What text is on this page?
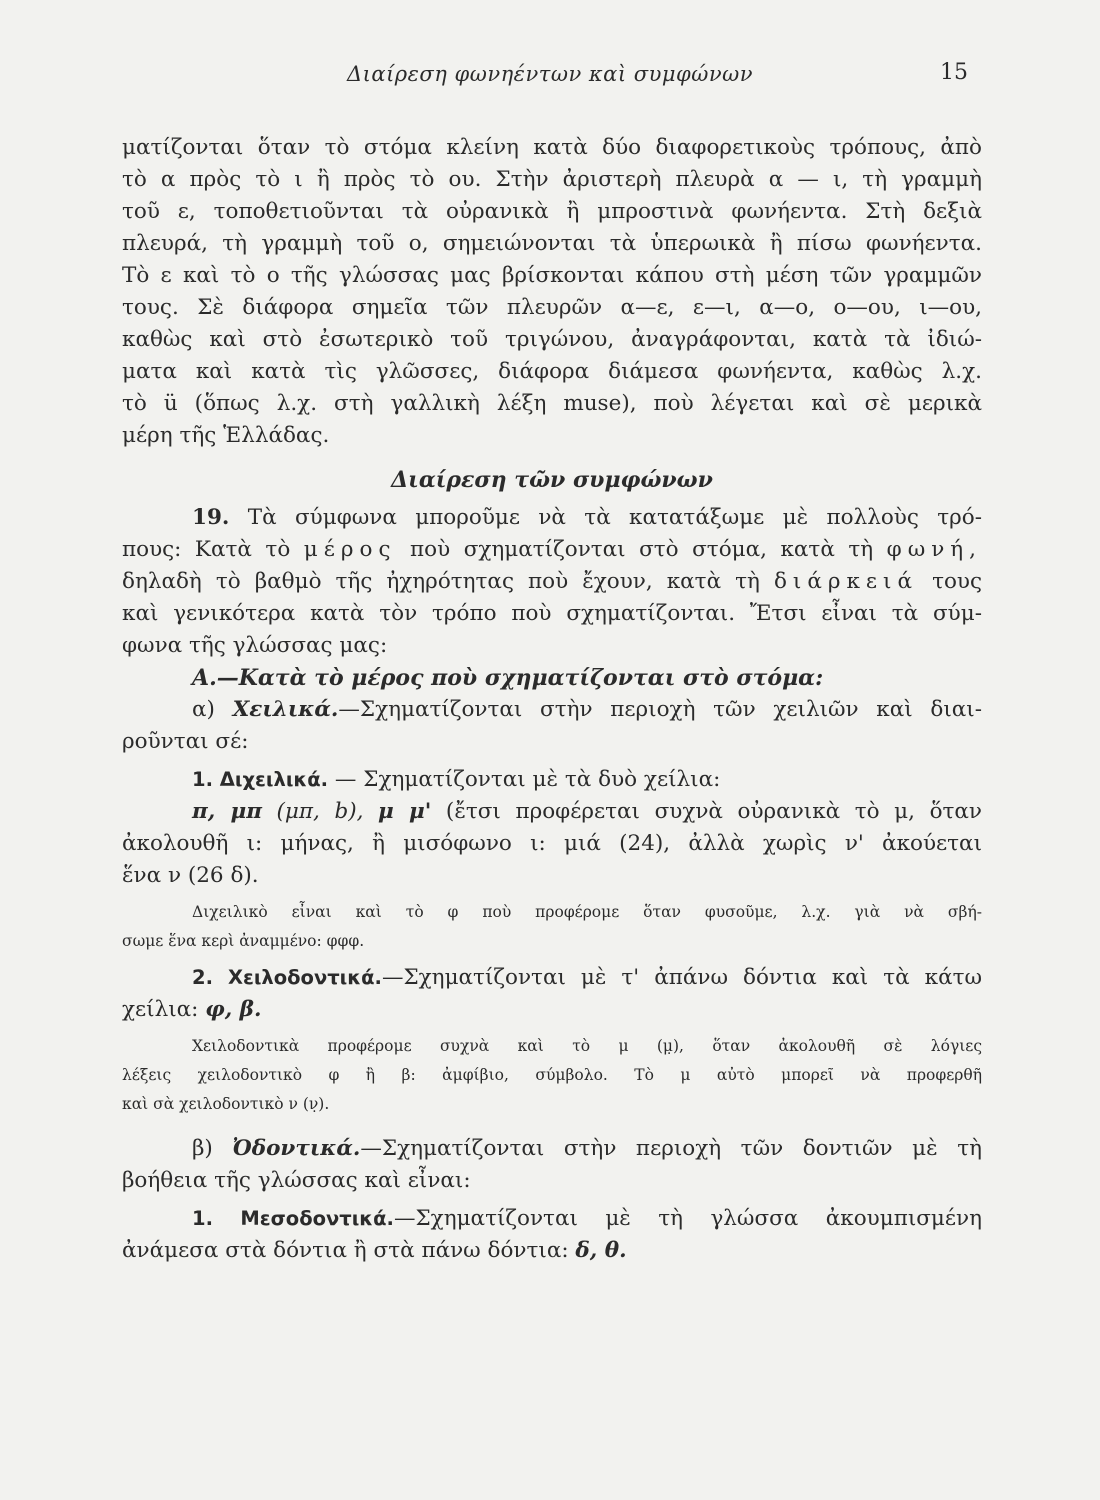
Διαίρεση φωνηέντων καὶ συμφώνων	15
ματίζονται ὅταν τὸ στόμα κλείνη κατὰ δύο διαφορετικοὺς τρόπους, ἀπὸ
τὸ α πρὸς τὸ ι ἢ πρὸς τὸ ου. Στὴν ἀριστερὴ πλευρὰ α — ι, τὴ γραμμὴ
τοῦ ε, τοποθετιοῦνται τὰ οὐρανικὰ ἢ μπροστινὰ φωνήεντα. Στὴ δεξιὰ
πλευρά, τὴ γραμμὴ τοῦ ο, σημειώνονται τὰ ὑπερωικὰ ἢ πίσω φωνήεντα.
Τὸ ε καὶ τὸ ο τῆς γλώσσας μας βρίσκονται κάπου στὴ μέση τῶν γραμμῶν
τους. Σὲ διάφορα σημεῖα τῶν πλευρῶν α—ε, ε—ι, α—ο, ο—ου, ι—ου,
καθὼς καὶ στὸ ἐσωτερικὸ τοῦ τριγώνου, ἀναγράφονται, κατὰ τὰ ἰδιώ-
ματα καὶ κατὰ τὶς γλῶσσες, διάφορα διάμεσα φωνήεντα, καθὼς λ.χ.
τὸ ü (ὅπως λ.χ. στὴ γαλλικὴ λέξη muse), ποὺ λέγεται καὶ σὲ μερικὰ
μέρη τῆς Ἑλλάδας.
Διαίρεση τῶν συμφώνων
19. Τὰ σύμφωνα μποροῦμε νὰ τὰ κατατάξωμε μὲ πολλοὺς τρό-
πους: Κατὰ τὸ μέρος ποὺ σχηματίζονται στὸ στόμα, κατὰ τὴ φωνή,
δηλαδὴ τὸ βαθμὸ τῆς ἠχηρότητας ποὺ ἔχουν, κατὰ τὴ διάρκειά τους
καὶ γενικότερα κατὰ τὸν τρόπο ποὺ σχηματίζονται. Ἔτσι εἶναι τὰ σύμ-
φωνα τῆς γλώσσας μας:
Α.—Κατὰ τὸ μέρος ποὺ σχηματίζονται στὸ στόμα:
α) Χειλικά.—Σχηματίζονται στὴν περιοχὴ τῶν χειλιῶν καὶ διαι-
ροῦνται σέ:
1. Διχειλικά. — Σχηματίζονται μὲ τὰ δυὸ χείλια:
π, μπ (μπ, b), μ μ' (ἔτσι προφέρεται συχνὰ οὐρανικὰ τὸ μ, ὅταν
ἀκολουθῆ ι: μήνας, ἢ μισόφωνο ι: μιά (24), ἀλλὰ χωρὶς ν' ἀκούεται
ἕνα ν (26 δ).
Διχειλικὸ εἶναι καὶ τὸ φ ποὺ προφέρομε ὅταν φυσοῦμε, λ.χ. γιὰ νὰ σβή-
σωμε ἕνα κερὶ ἀναμμένο: φφφ.
2. Χειλοδοντικά.—Σχηματίζονται μὲ τ' ἀπάνω δόντια καὶ τὰ κάτω
χείλια: φ, β.
Χειλοδοντικὰ προφέρομε συχνὰ καὶ τὸ μ (μ̣), ὅταν ἀκολουθῆ σὲ λόγιες
λέξεις χειλοδοντικὸ φ ἢ β: ἀμφίβιο, σύμβολο. Τὸ μ αὐτὸ μπορεῖ νὰ προφερθῆ
καὶ σὰ χειλοδοντικὸ ν (ν̣).
β) Ὀδοντικά.—Σχηματίζονται στὴν περιοχὴ τῶν δοντιῶν μὲ τὴ
βοήθεια τῆς γλώσσας καὶ εἶναι:
1. Μεσοδοντικά.—Σχηματίζονται μὲ τὴ γλώσσα ἀκουμπισμένη
ἀνάμεσα στὰ δόντια ἢ στὰ πάνω δόντια: δ, θ.
